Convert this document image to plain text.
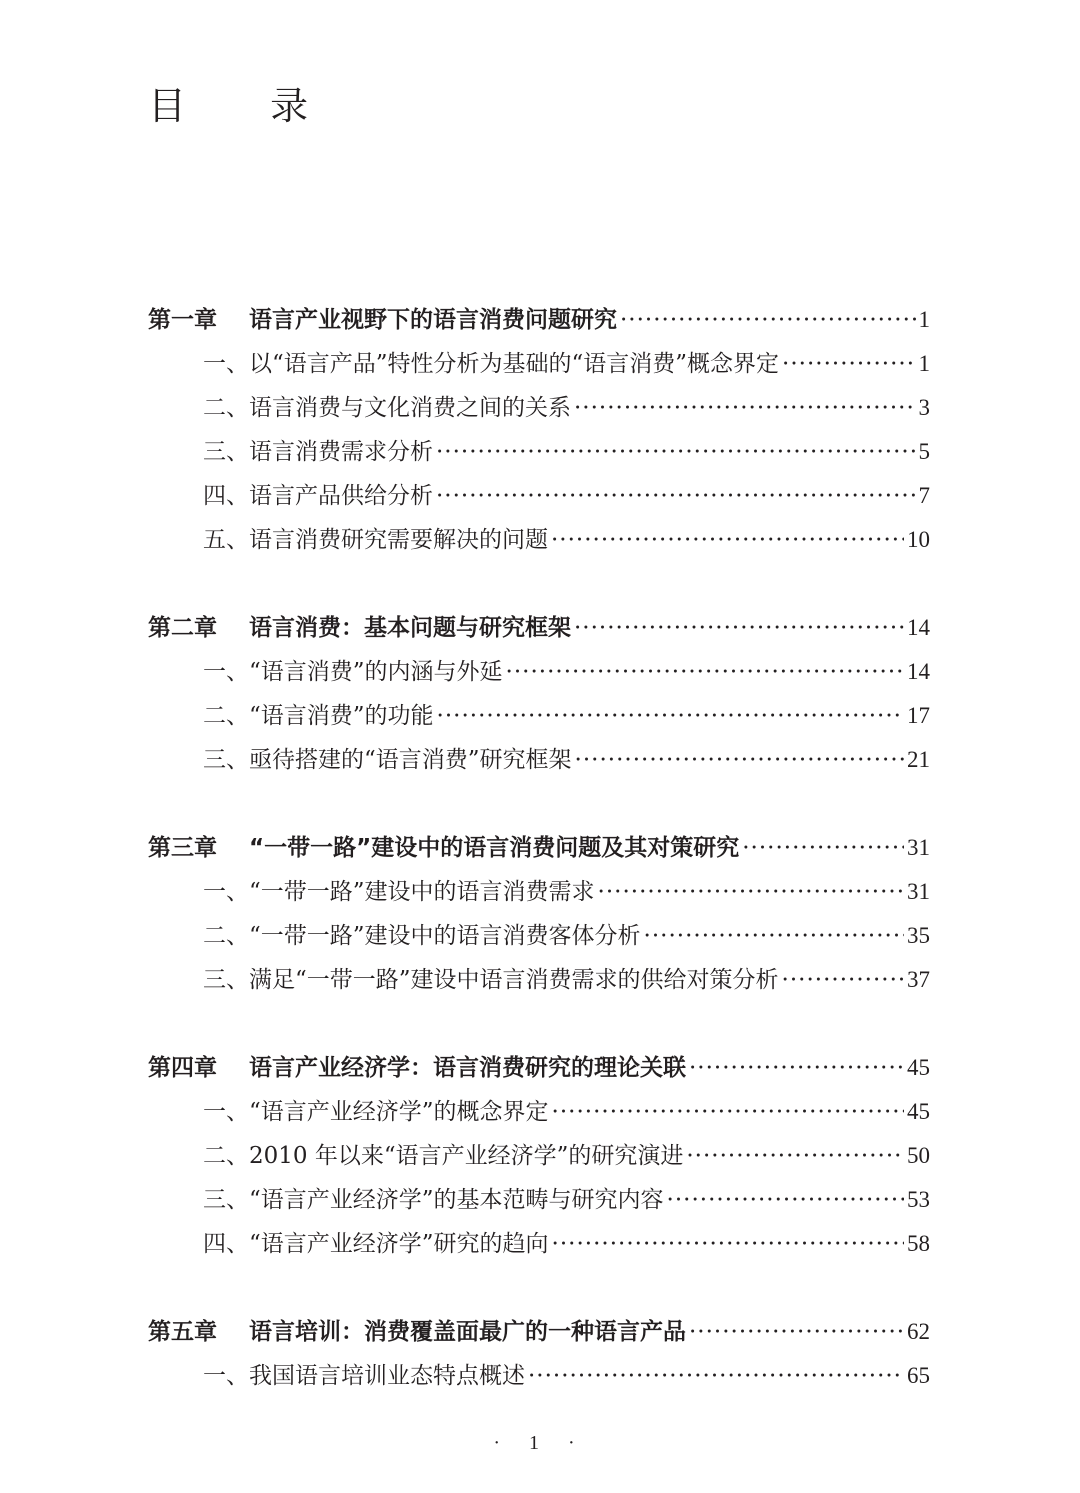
目 录
第一章 语言产业视野下的语言消费问题研究 ·····	1
一、以“语言产品”特性分析为基础的“语言消费”概念界定 ·····	1
二、语言消费与文化消费之间的关系 ·····	3
三、语言消费需求分析 ·····	5
四、语言产品供给分析 ·····	7
五、语言消费研究需要解决的问题 ·····	10
第二章 语言消费：基本问题与研究框架 ·····	14
一、“语言消费”的内涵与外延 ·····	14
二、“语言消费”的功能 ·····	17
三、亟待搭建的“语言消费”研究框架 ·····	21
第三章 “一带一路”建设中的语言消费问题及其对策研究 ·····	31
一、“一带一路”建设中的语言消费需求 ·····	31
二、“一带一路”建设中的语言消费客体分析 ·····	35
三、满足“一带一路”建设中语言消费需求的供给对策分析 ·····	37
第四章 语言产业经济学：语言消费研究的理论关联 ·····	45
一、“语言产业经济学”的概念界定 ·····	45
二、2010 年以来“语言产业经济学”的研究演进 ·····	50
三、“语言产业经济学”的基本范畴与研究内容 ·····	53
四、“语言产业经济学”研究的趋向 ·····	58
第五章 语言培训：消费覆盖面最广的一种语言产品 ·····	62
一、我国语言培训业态特点概述 ·····	65
· 1 ·
